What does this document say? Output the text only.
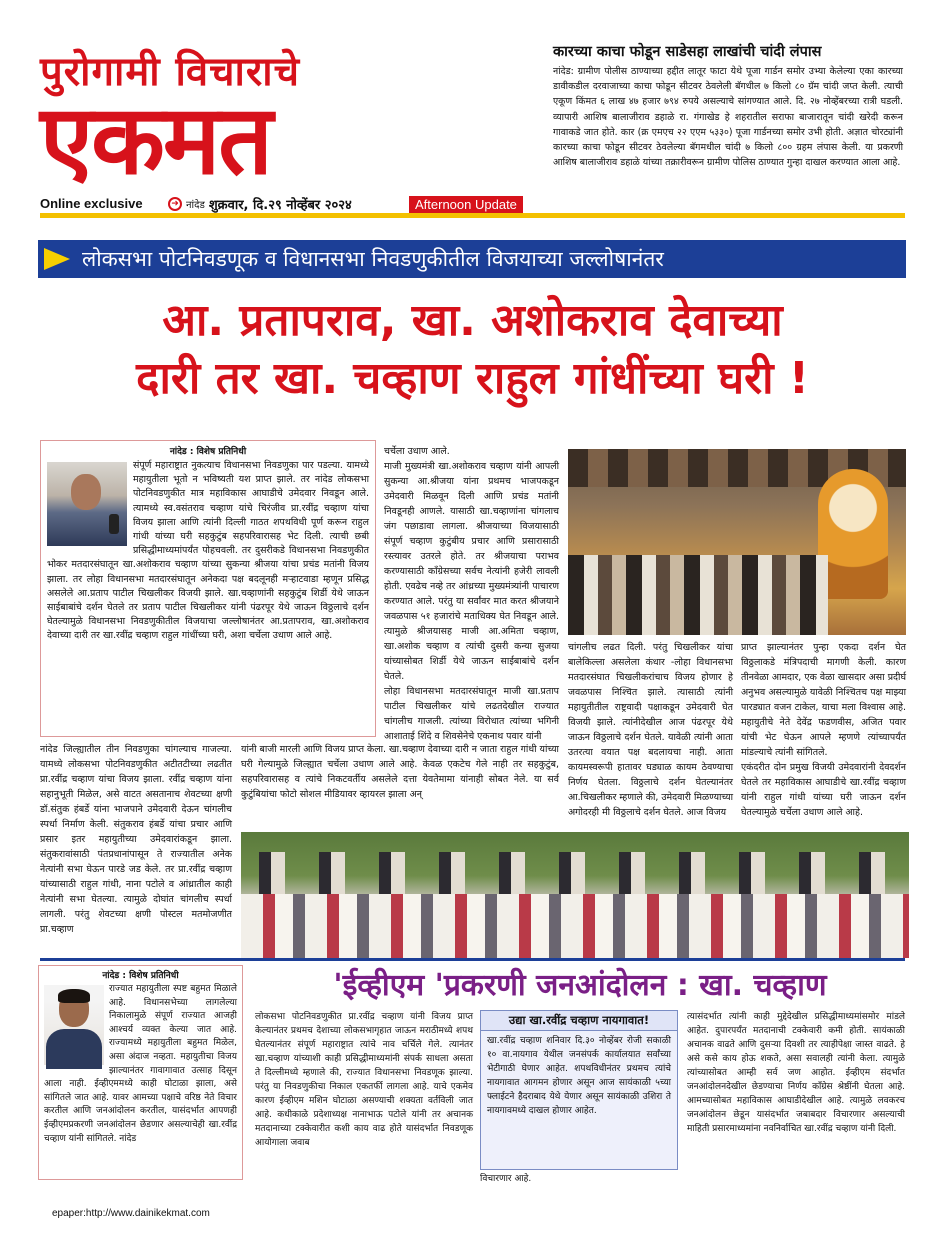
पुरोगामी विचाराचे
एकमत
Online exclusive	➜ नांदेड शुक्रवार, दि.२९ नोव्हेंबर २०२४	Afternoon Update
कारच्या काचा फोडून साडेसहा लाखांची चांदी लंपास

नांदेड: ग्रामीण पोलीस ठाण्याच्या हद्दीत लातूर फाटा येथे पूजा गार्डन समोर उभ्या केलेल्या एका कारच्या डावीकडील दरवाजाच्या काचा फोडून सीटवर ठेवलेली बॅगधील ७ किलो ८० ग्रॅम चांदी जप्त केली. त्याची एकूण किंमत ६ लाख ४७ हजार ७९४ रुपये असल्याचे सांगण्यात आले. दि. २७ नोव्हेंबरच्या रात्री घडली. व्यापारी आशिष बालाजीराव डहाळे रा. गंगाखेड हे शहरातील सराफा बाजारातून चांदी खरेदी करून गावाकडे जात होते. कार (क्र एमएच २२ एएम ५३३०) पूजा गार्डनच्या समोर उभी होती. अज्ञात चोरट्यांनी कारच्या काचा फोडून सीटवर ठेवलेल्या बॅगमधील चांदी ७ किलो ८०० ग्रहम लंपास केली. या प्रकरणी आशिष बालाजीराव डहाळे यांच्या तक्रारीवरून ग्रामीण पोलिस ठाण्यात गुन्हा दाखल करण्यात आला आहे.

लोकसभा पोटनिवडणूक व विधानसभा निवडणुकीतील विजयाच्या जल्लोषानंतर
आ. प्रतापराव, खा. अशोकराव देवाच्या
दारी तर खा. चव्हाण राहुल गांधींच्या घरी !
नांदेड : विशेष प्रतिनिधी
संपूर्ण महाराष्ट्रात नुकत्याच विधानसभा निवडणुका पार पडल्या. यामध्ये महायुतीला भूतो न भविष्यती यश प्राप्त झाले. तर नांदेड लोकसभा पोटनिवडणुकीत मात्र महाविकास आघाडीचे उमेदवार निवडून आले. त्यामध्ये स्व.वसंतराव चव्हाण यांचे चिरंजीव प्रा.रवींद्र चव्हाण यांचा विजय झाला आणि त्यांनी दिल्ली गाठत शपथविधी पूर्ण करून राहुल गांधी यांच्या घरी सहकुटुंब सहपरिवारासह भेट दिली. त्याची छबी प्रसिद्धीमाध्यमांपर्यंत पोहचवली. तर दुसरीकडे विधानसभा निवडणुकीत भोकर मतदारसंघातून खा.अशोकराव चव्हाण यांच्या सुकन्या श्रीजया यांचा प्रचंड मतांनी विजय झाला. तर लोहा विधानसभा मतदारसंघातून अनेकदा पक्ष बदलूनही मऱ्हाटवाडा म्हणून प्रसिद्ध असलेले आ.प्रताप पाटील चिखलीकर विजयी झाले. खा.चव्हाणांनी सहकुटुंब शिर्डी येथे जाऊन साईबाबांचे दर्शन घेतले तर प्रताप पाटील चिखलीकर यांनी पंढरपूर येथे जाऊन विठ्ठलाचे दर्शन घेतल्यामुळे विधानसभा निवडणुकीतील विजयाचा जल्लोषानंतर आ.प्रतापराव, खा.अशोकराव देवाच्या दारी तर खा.रवींद्र चव्हाण राहुल गांधींच्या घरी, अशा चर्चेला उधाण आले आहे.
चर्चेला उधाण आले.
माजी मुख्यमंत्री खा.अशोकराव चव्हाण यांनी आपली सुकन्या आ.श्रीजया यांना प्रथमच भाजपकडून उमेदवारी मिळवून दिली आणि प्रचंड मतांनी निवडूनही आणले. यासाठी खा.चव्हाणांना चांगलाच जंग पछाडावा लागला. श्रीजयाच्या विजयासाठी संपूर्ण चव्हाण कुटुंबीय प्रचार आणि प्रसारासाठी रस्त्यावर उतरले होते. तर श्रीजयाचा पराभव करण्यासाठी काँग्रेसच्या सर्वच नेत्यांनी हजेरी लावली होती. एवढेच नव्हे तर आंध्रच्या मुख्यमंत्र्यांनी पाचारण करण्यात आले. परंतु या सर्वांवर मात करत श्रीजयाने जवळपास ५१ हजारांचे मताधिक्य घेत निवडून आले. त्यामुळे श्रीजयासह माजी आ.अमिता चव्हाण, खा.अशोक चव्हाण व त्यांची दुसरी कन्या सुजया यांच्यासोबत शिर्डी येथे जाऊन साईबाबांचे दर्शन घेतले.
लोहा विधानसभा मतदारसंघातून माजी खा.प्रताप पाटील चिखलीकर यांचे लढतदेखील राज्यात चांगलीच गाजली. त्यांच्या विरोधात त्यांच्या भगिनी आशाताई शिंदे व शिवसेनेचे एकनाथ पवार यांनी
चांगलीच लढत दिली. परंतु चिखलीकर यांचा बालेकिल्ला असलेला कंधार -लोहा विधानसभा मतदारसंघात चिखलीकरांचाच विजय होणार हे जवळपास निश्चित झाले. त्यासाठी त्यांनी महायुतीतील राष्ट्रवादी पक्षाकडून उमेदवारी घेत विजयी झाले. त्यांनीदेखील आज पंढरपूर येथे जाऊन विठ्ठलाचे दर्शन घेतले. यावेळी त्यांनी आता उतरत्या वयात पक्ष बदलायचा नाही. आता कायमस्वरूपी हातावर घड्याळ कायम ठेवण्याचा निर्णय घेतला. विठ्ठलाचे दर्शन घेतल्यानंतर आ.चिखलीकर म्हणाले की, उमेदवारी मिळण्याच्या अगोदरही मी विठ्ठलाचे दर्शन घेतले. आज विजय
प्राप्त झाल्यानंतर पुन्हा एकदा दर्शन घेत विठ्ठलाकडे मंत्रिपदाची मागणी केली. कारण तीनवेळा आमदार, एक वेळा खासदार असा प्रदीर्घ अनुभव असल्यामुळे यावेळी निश्चितच पक्ष माझ्या पारड्यात वजन टाकेल, याचा मला विश्वास आहे. महायुतीचे नेते देवेंद्र फडणवीस, अजित पवार यांची भेट घेऊन आपले म्हणणे त्यांच्यापर्यंत मांडल्याचे त्यांनी सांगितले.
एकंदरीत दोन प्रमुख विजयी उमेदवारांनी देवदर्शन घेतले तर महाविकास आघाडीचे खा.रवींद्र चव्हाण यांनी राहुल गांधी यांच्या घरी जाऊन दर्शन घेतल्यामुळे चर्चेला उधाण आले आहे.
नांदेड जिल्ह्यातील तीन निवडणुका चांगल्याच गाजल्या. यामध्ये लोकसभा पोटनिवडणुकीत अटीतटीच्या लढतीत प्रा.रवींद्र चव्हाण यांचा विजय झाला. रवींद्र चव्हाण यांना सहानुभूती मिळेल, असे वाटत असतानाच शेवटच्या क्षणी डॉ.संतुक हंबर्डे यांना भाजपाने उमेदवारी देऊन चांगलीच स्पर्धा निर्माण केली. संतुकराव हंबर्डे यांचा प्रचार आणि प्रसार इतर महायुतीच्या उमेदवारांकडून झाला. संतुकरावांसाठी पंतप्रधानांपासून ते राज्यातील अनेक नेत्यांनी सभा घेऊन पारडे जड केले. तर प्रा.रवींद्र चव्हाण यांच्यासाठी राहुल गांधी, नाना पटोले व आंध्रातील काही नेत्यांनी सभा घेतल्या. त्यामुळे दोघांत चांगलीच स्पर्धा लागली. परंतु शेवटच्या क्षणी पोस्टल मतमोजणीत प्रा.चव्हाण
यांनी बाजी मारली आणि विजय प्राप्त केला. खा.चव्हाण देवाच्या दारी न जाता राहुल गांधी यांच्या घरी गेल्यामुळे जिल्ह्यात चर्चेला उधाण आले आहे. केवळ एकटेच गेले नाही तर सहकुटुंब, सहपरिवारासह व त्यांचे निकटवर्तीय असलेले दत्ता येवतेमामा यांनाही सोबत नेले. या सर्व कुटुंबियांचा फोटो सोशल मीडियावर व्हायरल झाला अन्
नांदेड : विशेष प्रतिनिधी
राज्यात महायुतीला स्पष्ट बहुमत मिळाले आहे. विधानसभेच्या लागलेल्या निकालामुळे संपूर्ण राज्यात आजही आश्चर्य व्यक्त केल्या जात आहे. राज्यामध्ये महायुतीला बहुमत मिळेल, असा अंदाज नव्हता. महायुतीचा विजय झाल्यानंतर गावागावात उत्साह दिसून आला नाही. ईव्हीएममध्ये काही घोटाळा झाला, असे सांगितले जात आहे. यावर आमच्या पक्षाचे वरिष्ठ नेते विचार करतील आणि जनआंदोलन करतील, यासंदर्भात आपणही ईव्हीएमप्रकरणी जनआंदोलन छेडणार असल्याचेही खा.रवींद्र चव्हाण यांनी सांगितले. नांदेड
'ईव्हीएम 'प्रकरणी जनआंदोलन : खा. चव्हाण
लोकसभा पोटनिवडणुकीत प्रा.रवींद्र चव्हाण यांनी विजय प्राप्त केल्यानंतर प्रथमच देशाच्या लोकसभागृहात जाऊन मराठीमध्ये शपथ घेतल्यानंतर संपूर्ण महाराष्ट्रात त्यांचे नाव चर्चिले गेले. त्यानंतर खा.चव्हाण यांच्याशी काही प्रसिद्धीमाध्यमांनी संपर्क साधला असता ते दिल्लीमध्ये म्हणाले की, राज्यात विधानसभा निवडणूक झाल्या. परंतु या निवडणुकीचा निकाल एकतर्फी लागला आहे. याचे एकमेव कारण ईव्हीएम मशिन घोटाळा असण्याची शक्यता वर्तविली जात आहे. कधीकाळे प्रदेशाध्यक्ष नानाभाऊ पटोले यांनी तर अचानक मतदानाच्या टक्केवारीत कशी काय वाढ होते यासंदर्भात निवडणूक आयोगाला जवाब
विचारणार आहे.
उद्या खा.रवींद्र चव्हाण नायगावात!
खा.रवींद्र चव्हाण शनिवार दि.३० नोव्हेंबर रोजी सकाळी १० वा.नायगाव येथील जनसंपर्क कार्यालयात सर्वांच्या भेटीगाठी घेणार आहेत. शपथविधीनंतर प्रथमच त्यांचे नायगावात आगमन होणार असून आज सायंकाळी ५च्या फ्लाईटने हैदराबाद येथे येणार असून सायंकाळी उशिरा ते नायगावमध्ये दाखल होणार आहेत.
त्यासंदर्भात त्यांनी काही मुद्देदेखील प्रसिद्धीमाध्यमांसमोर मांडले आहेत. दुपारपर्यंत मतदानाची टक्केवारी कमी होती. सायंकाळी अचानक वाढते आणि दुसऱ्या दिवशी तर त्याहीपेक्षा जास्त वाढते. हे असे कसे काय होऊ शकते, असा सवालही त्यांनी केला. त्यामुळे त्यांच्यासोबत आम्ही सर्व जण आहोत. ईव्हीएम संदर्भात जनआंदोलनदेखील छेडण्याचा निर्णय काँग्रेस श्रेष्ठींनी घेतला आहे. आमच्यासोबत महाविकास आघाडीदेखील आहे. त्यामुळे लवकरच जनआंदोलन छेडून यासंदर्भात जबाबदार विचारणार असल्याची माहिती प्रसारमाध्यमांना नवनिर्वाचित खा.रवींद्र चव्हाण यांनी दिली.
epaper:http://www.dainikekmat.com
